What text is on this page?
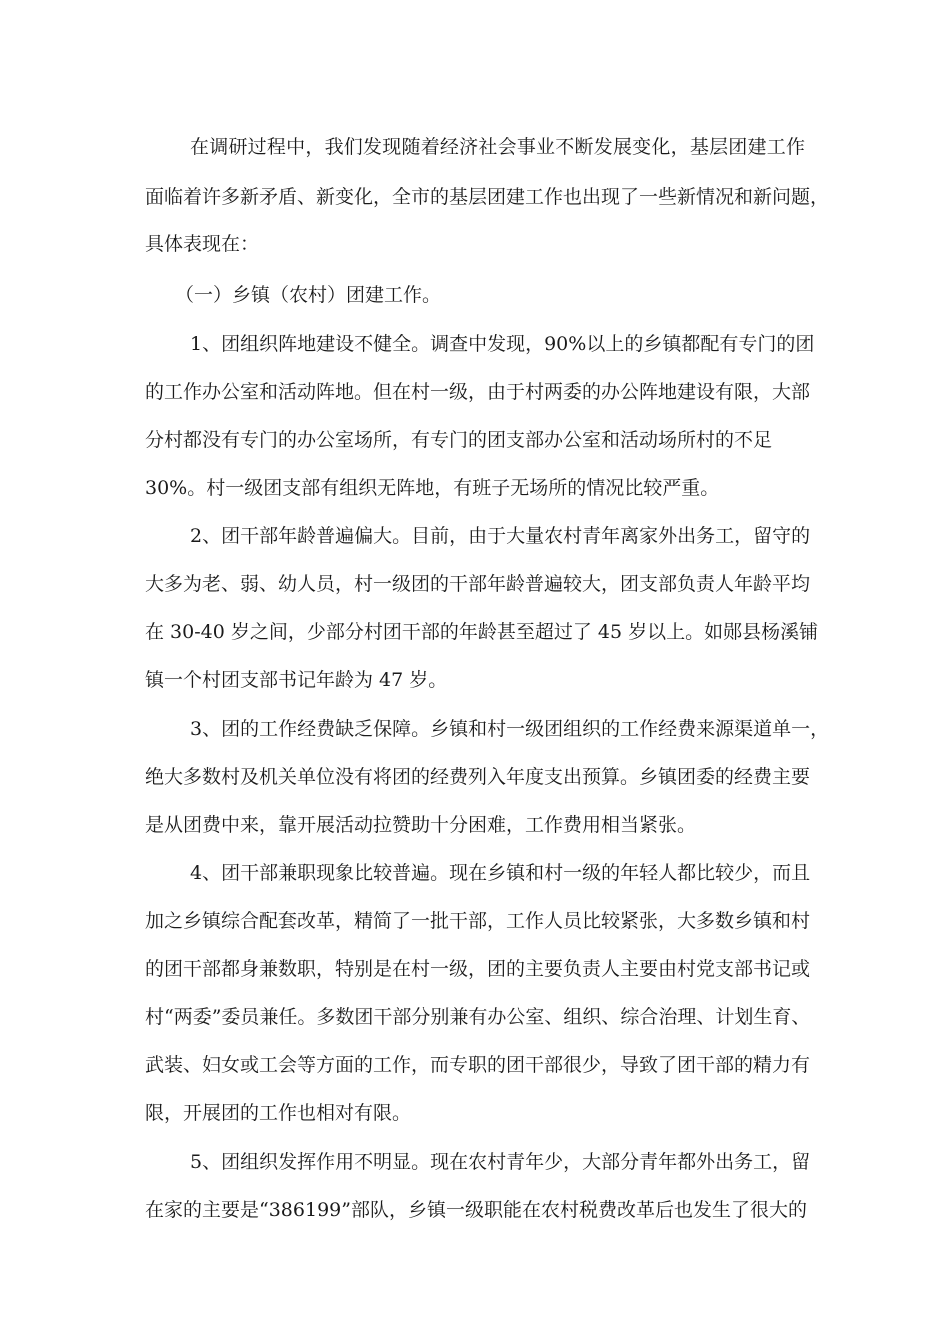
在调研过程中，我们发现随着经济社会事业不断发展变化，基层团建工作
面临着许多新矛盾、新变化，全市的基层团建工作也出现了一些新情况和新问题，
具体表现在：
（一）乡镇（农村）团建工作。
1、团组织阵地建设不健全。调查中发现，90%以上的乡镇都配有专门的团
的工作办公室和活动阵地。但在村一级，由于村两委的办公阵地建设有限，大部
分村都没有专门的办公室场所，有专门的团支部办公室和活动场所村的不足
30%。村一级团支部有组织无阵地，有班子无场所的情况比较严重。
2、团干部年龄普遍偏大。目前，由于大量农村青年离家外出务工，留守的
大多为老、弱、幼人员，村一级团的干部年龄普遍较大，团支部负责人年龄平均
在 30-40 岁之间，少部分村团干部的年龄甚至超过了 45 岁以上。如郧县杨溪铺
镇一个村团支部书记年龄为 47 岁。
3、团的工作经费缺乏保障。乡镇和村一级团组织的工作经费来源渠道单一，
绝大多数村及机关单位没有将团的经费列入年度支出预算。乡镇团委的经费主要
是从团费中来，靠开展活动拉赞助十分困难，工作费用相当紧张。
4、团干部兼职现象比较普遍。现在乡镇和村一级的年轻人都比较少，而且
加之乡镇综合配套改革，精简了一批干部，工作人员比较紧张，大多数乡镇和村
的团干部都身兼数职，特别是在村一级，团的主要负责人主要由村党支部书记或
村“两委”委员兼任。多数团干部分别兼有办公室、组织、综合治理、计划生育、
武装、妇女或工会等方面的工作，而专职的团干部很少，导致了团干部的精力有
限，开展团的工作也相对有限。
5、团组织发挥作用不明显。现在农村青年少，大部分青年都外出务工，留
在家的主要是“386199”部队，乡镇一级职能在农村税费改革后也发生了很大的
